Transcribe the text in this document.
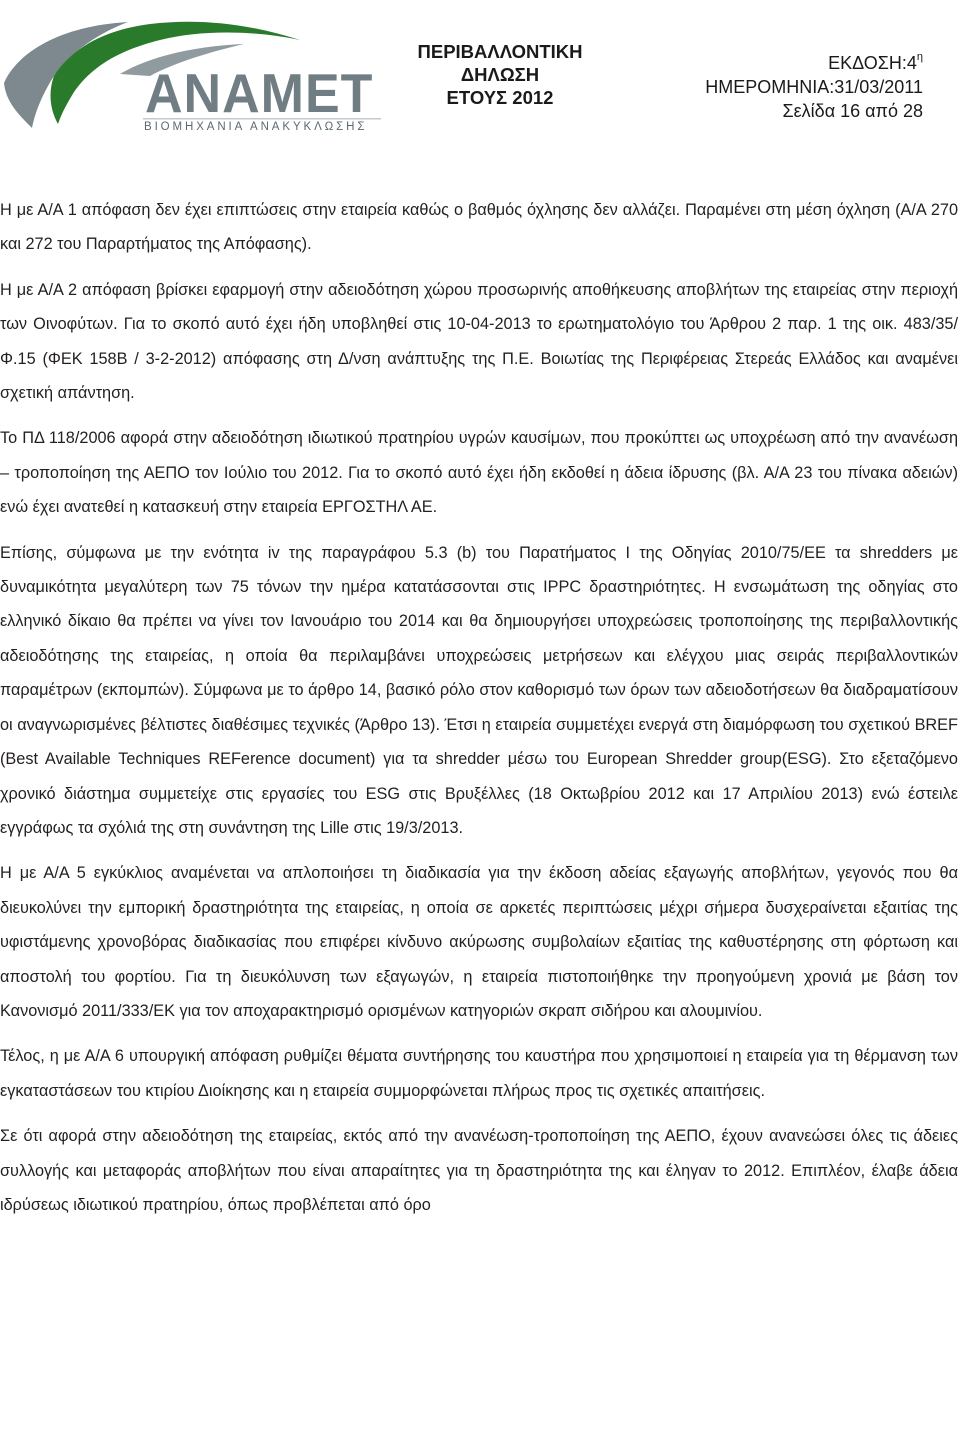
ANAMET
ΒΙΟΜΗΧΑΝΙΑ ΑΝΑΚΥΚΛΩΣΗΣ
ΠΕΡΙΒΑΛΛΟΝΤΙΚΗ
ΔΗΛΩΣΗ
ΕΤΟΥΣ 2012
$EK\Delta O\Sigma H:4^\eta$
ΗΜΕΡΟΜΗΝΙΑ:31/03/2011
Σελίδα 16 από 28

Η με Α/Α 1 απόφαση δεν έχει επιπτώσεις στην εταιρεία καθώς ο βαθμός όχλησης δεν αλλάζει. Παραμένει στη μέση όχληση (Α/Α 270 και 272 του Παραρτήματος της Απόφασης).

Η με Α/Α 2 απόφαση βρίσκει εφαρμογή στην αδειοδότηση χώρου προσωρινής αποθήκευσης αποβλήτων της εταιρείας στην περιοχή των Οινοφύτων. Για το σκοπό αυτό έχει ήδη υποβληθεί στις 10-04-2013 το ερωτηματολόγιο του Άρθρου 2 παρ. 1 της οικ. 483/35/Φ.15 (ΦΕΚ 158Β / 3-2-2012) απόφασης στη Δ/νση ανάπτυξης της Π.Ε. Βοιωτίας της Περιφέρειας Στερεάς Ελλάδος και αναμένει σχετική απάντηση.

Το ΠΔ 118/2006 αφορά στην αδειοδότηση ιδιωτικού πρατηρίου υγρών καυσίμων, που προκύπτει ως υποχρέωση από την ανανέωση – τροποποίηση της ΑΕΠΟ τον Ιούλιο του 2012. Για το σκοπό αυτό έχει ήδη εκδοθεί η άδεια ίδρυσης (βλ. Α/Α 23 του πίνακα αδειών) ενώ έχει ανατεθεί η κατασκευή στην εταιρεία ΕΡΓΟΣΤΗΛ ΑΕ.

Επίσης, σύμφωνα με την ενότητα iv της παραγράφου 5.3 (b) του Παρατήματος Ι της Οδηγίας 2010/75/ΕΕ τα shredders με δυναμικότητα μεγαλύτερη των 75 τόνων την ημέρα κατατάσσονται στις IPPC δραστηριότητες. Η ενσωμάτωση της οδηγίας στο ελληνικό δίκαιο θα πρέπει να γίνει τον Ιανουάριο του 2014 και θα δημιουργήσει υποχρεώσεις τροποποίησης της περιβαλλοντικής αδειοδότησης της εταιρείας, η οποία θα περιλαμβάνει υποχρεώσεις μετρήσεων και ελέγχου μιας σειράς περιβαλλοντικών παραμέτρων (εκπομπών). Σύμφωνα με το άρθρο 14, βασικό ρόλο στον καθορισμό των όρων των αδειοδοτήσεων θα διαδραματίσουν οι αναγνωρισμένες βέλτιστες διαθέσιμες τεχνικές (Άρθρο 13). Έτσι η εταιρεία συμμετέχει ενεργά στη διαμόρφωση του σχετικού BREF (Best Available Techniques REFerence document) για τα shredder μέσω του European Shredder group(ESG). Στο εξεταζόμενο χρονικό διάστημα συμμετείχε στις εργασίες του ESG στις Βρυξέλλες (18 Οκτωβρίου 2012 και 17 Απριλίου 2013) ενώ έστειλε εγγράφως τα σχόλιά της στη συνάντηση της Lille στις 19/3/2013.

Η με Α/Α 5 εγκύκλιος αναμένεται να απλοποιήσει τη διαδικασία για την έκδοση αδείας εξαγωγής αποβλήτων, γεγονός που θα διευκολύνει την εμπορική δραστηριότητα της εταιρείας, η οποία σε αρκετές περιπτώσεις μέχρι σήμερα δυσχεραίνεται εξαιτίας της υφιστάμενης χρονοβόρας διαδικασίας που επιφέρει κίνδυνο ακύρωσης συμβολαίων εξαιτίας της καθυστέρησης στη φόρτωση και αποστολή του φορτίου. Για τη διευκόλυνση των εξαγωγών, η εταιρεία πιστοποιήθηκε την προηγούμενη χρονιά με βάση τον Κανονισμό 2011/333/ΕΚ για τον αποχαρακτηρισμό ορισμένων κατηγοριών σκραπ σιδήρου και αλουμινίου.

Τέλος, η με Α/Α 6 υπουργική απόφαση ρυθμίζει θέματα συντήρησης του καυστήρα που χρησιμοποιεί η εταιρεία για τη θέρμανση των εγκαταστάσεων του κτιρίου Διοίκησης και η εταιρεία συμμορφώνεται πλήρως προς τις σχετικές απαιτήσεις.

Σε ότι αφορά στην αδειοδότηση της εταιρείας, εκτός από την ανανέωση-τροποποίηση της ΑΕΠΟ, έχουν ανανεώσει όλες τις άδειες συλλογής και μεταφοράς αποβλήτων που είναι απαραίτητες για τη δραστηριότητα της και έληγαν το 2012. Επιπλέον, έλαβε άδεια ιδρύσεως ιδιωτικού πρατηρίου, όπως προβλέπεται από όρο
